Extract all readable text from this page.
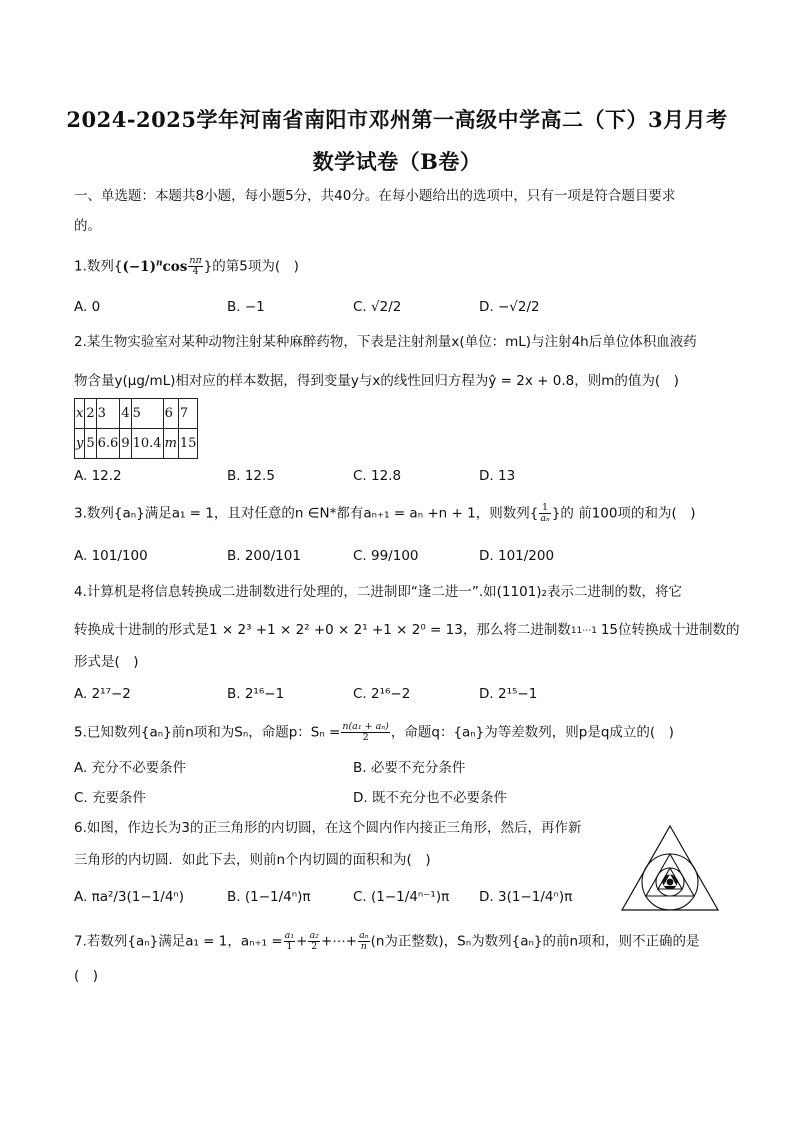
2024-2025学年河南省南阳市邓州第一高级中学高二（下）3月月考
数学试卷（B卷）
一、单选题：本题共8小题，每小题5分，共40分。在每小题给出的选项中，只有一项是符合题目要求
的。
1.数列{$(-1)^n\cos \frac{n\pi}{4}$ }的第5项为(　)
A. 0	B. −1	C. √2/2	D. −√2/2
2.某生物实验室对某种动物注射某种麻醉药物，下表是注射剂量x(单位：mL)与注射4h后单位体积血液药
物含量y(μg/mL)相对应的样本数据，得到变量y与x的线性回归方程为ŷ = 2x + 0.8，则m的值为(　)
x	2	3	4	5	6	7
y	5	6.6	9	10.4	m	15
A. 12.2	B. 12.5	C. 12.8	D. 13
3.数列{aₙ}满足a₁ = 1，且对任意的n ∈N*都有aₙ₊₁ = aₙ +n + 1，则数列{ $\frac{1}{\text{aₙ}}$ }的 前100项的和为(　)
A. 101/100	B. 200/101	C. 99/100	D. 101/200
4.计算机是将信息转换成二进制数进行处理的，二进制即“逢二进一”.如(1101)₂表示二进制的数，将它
转换成十进制的形式是1 × 2³ +1 × 2² +0 × 2¹ +1 × 2⁰ = 13，那么将二进制数 11⋯1 15位转换成十进制数的
形式是(　)
A. 2¹⁷−2	B. 2¹⁶−1	C. 2¹⁶−2	D. 2¹⁵−1
5.已知数列{aₙ}前n项和为Sₙ，命题p：$S_n = \frac{\text{n(a₁ + aₙ)}}{2}$ ，命题q：{aₙ}为等差数列，则p是q成立的(　)
A. 充分不必要条件	B. 必要不充分条件
C. 充要条件	D. 既不充分也不必要条件
6.如图，作边长为3的正三角形的内切圆，在这个圆内作内接正三角形，然后，再作新
三角形的内切圆．如此下去，则前n个内切圆的面积和为(　)
A. πa²/3(1−1/4ⁿ)	B. (1−1/4ⁿ)π	C. (1−1/4ⁿ⁻¹)π D. 3(1−1/4ⁿ)π
7.若数列{aₙ}满足a₁ = 1，$a_{n+1} = \frac{\text{a₁}}{1} + \frac{\text{a₂}}{2}$ +⋯+ $\frac{\text{aₙ}}{n} (n$为正整数)，Sₙ为数列{aₙ}的前n项和，则不正确的是
(　)
